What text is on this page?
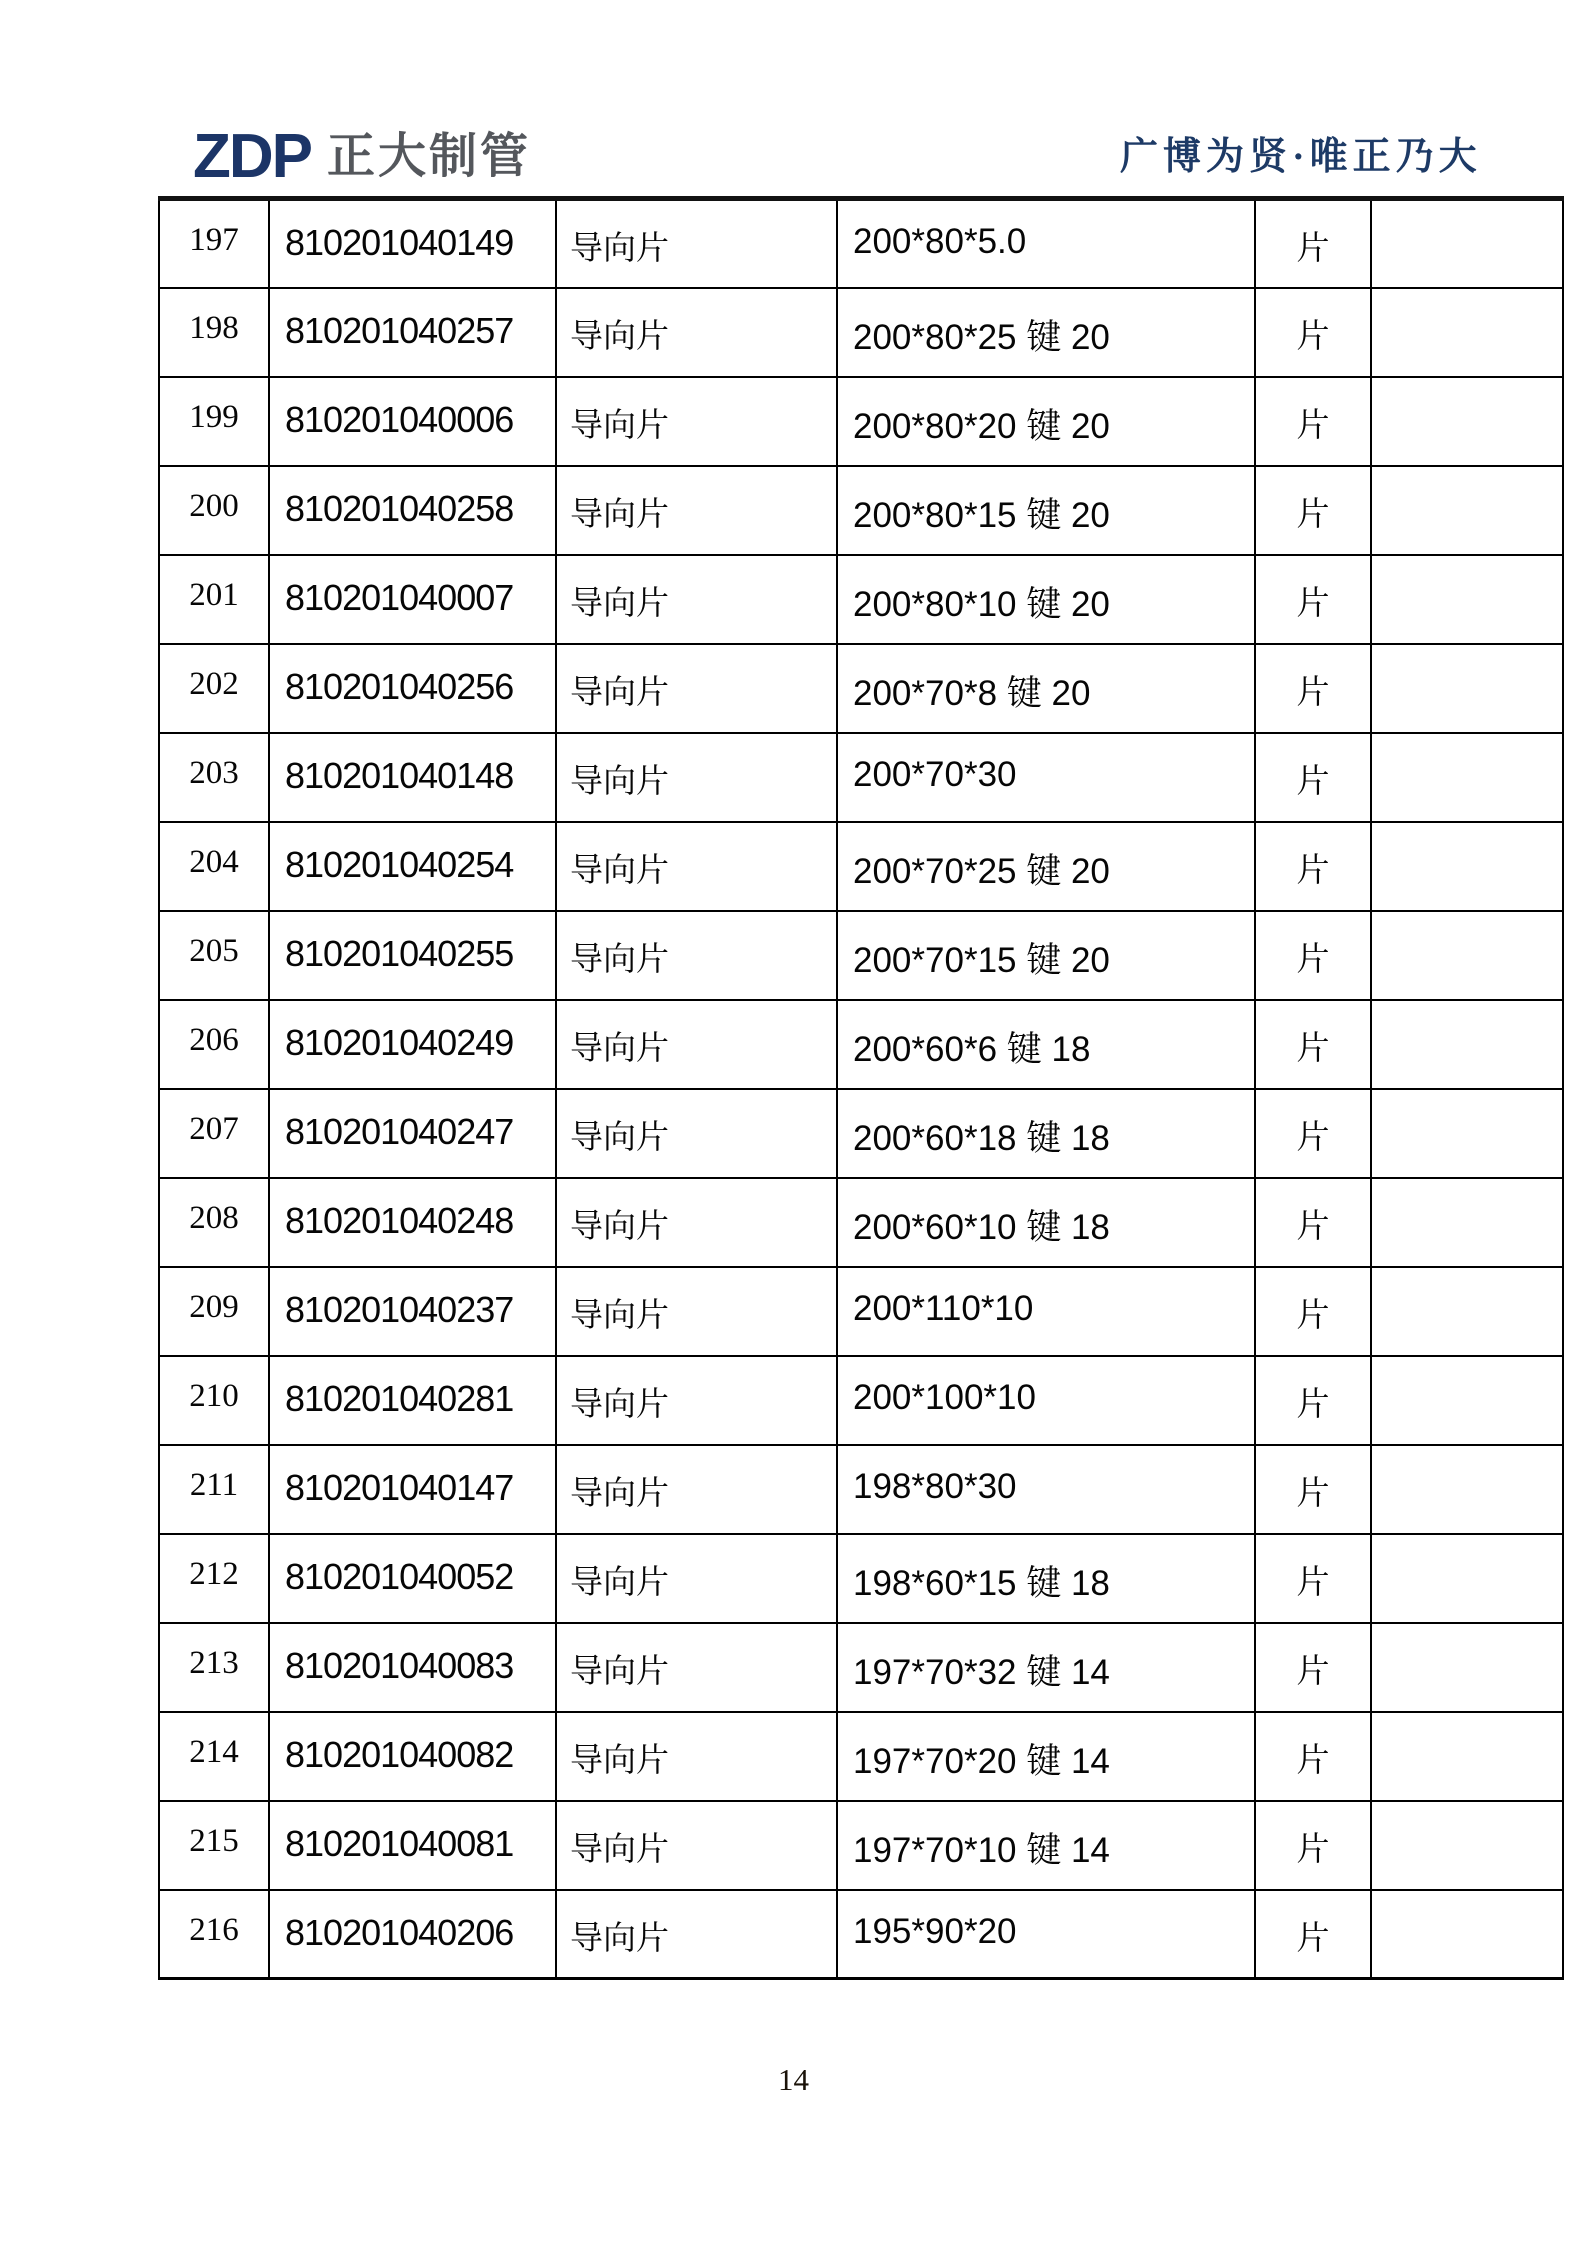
ZDP 正大制管	广博为贤·唯正乃大
197	810201040149	导向片	200*80*5.0	片	
198	810201040257	导向片	200*80*25 键 20	片	
199	810201040006	导向片	200*80*20 键 20	片	
200	810201040258	导向片	200*80*15 键 20	片	
201	810201040007	导向片	200*80*10 键 20	片	
202	810201040256	导向片	200*70*8 键 20	片	
203	810201040148	导向片	200*70*30	片	
204	810201040254	导向片	200*70*25 键 20	片	
205	810201040255	导向片	200*70*15 键 20	片	
206	810201040249	导向片	200*60*6 键 18	片	
207	810201040247	导向片	200*60*18 键 18	片	
208	810201040248	导向片	200*60*10 键 18	片	
209	810201040237	导向片	200*110*10	片	
210	810201040281	导向片	200*100*10	片	
211	810201040147	导向片	198*80*30	片	
212	810201040052	导向片	198*60*15 键 18	片	
213	810201040083	导向片	197*70*32 键 14	片	
214	810201040082	导向片	197*70*20 键 14	片	
215	810201040081	导向片	197*70*10 键 14	片	
216	810201040206	导向片	195*90*20	片	
14
